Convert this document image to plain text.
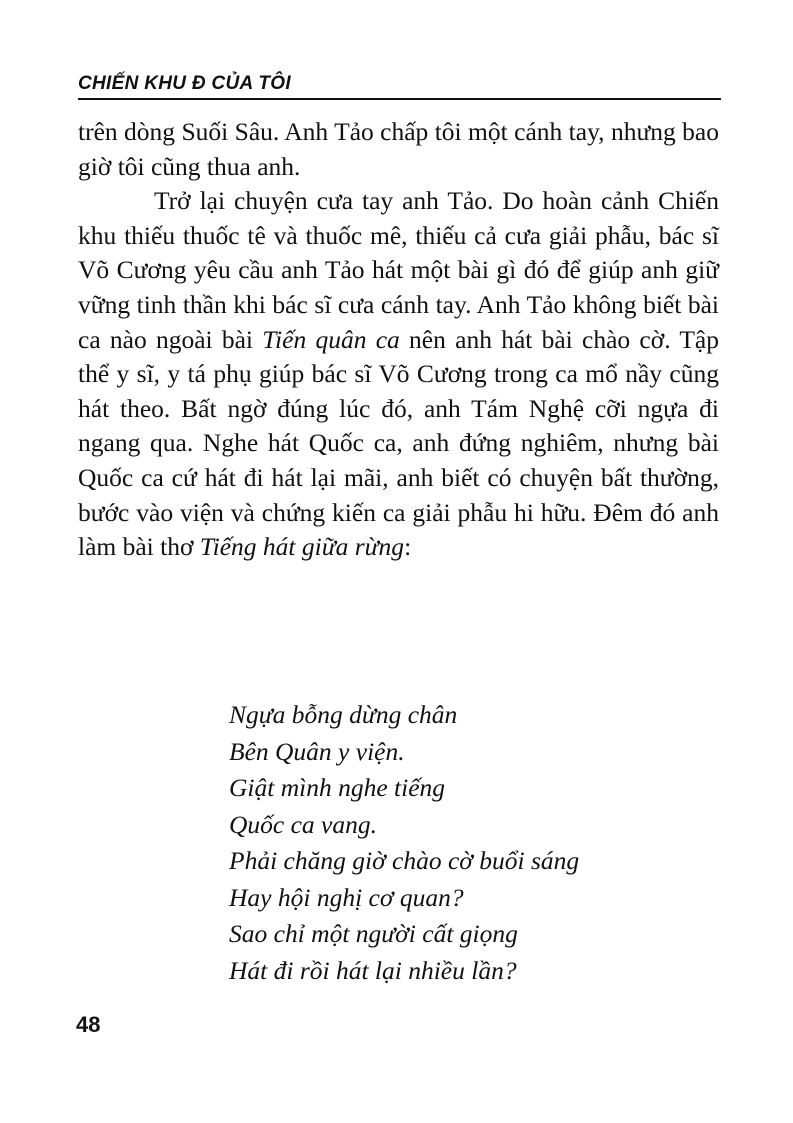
CHIẾN KHU Đ CỦA TÔI

trên dòng Suối Sâu. Anh Tảo chấp tôi một cánh tay, nhưng bao giờ tôi cũng thua anh.

Trở lại chuyện cưa tay anh Tảo. Do hoàn cảnh Chiến khu thiếu thuốc tê và thuốc mê, thiếu cả cưa giải phẫu, bác sĩ Võ Cương yêu cầu anh Tảo hát một bài gì đó để giúp anh giữ vững tinh thần khi bác sĩ cưa cánh tay. Anh Tảo không biết bài ca nào ngoài bài Tiến quân ca nên anh hát bài chào cờ. Tập thể y sĩ, y tá phụ giúp bác sĩ Võ Cương trong ca mổ nầy cũng hát theo. Bất ngờ đúng lúc đó, anh Tám Nghệ cỡi ngựa đi ngang qua. Nghe hát Quốc ca, anh đứng nghiêm, nhưng bài Quốc ca cứ hát đi hát lại mãi, anh biết có chuyện bất thường, bước vào viện và chứng kiến ca giải phẫu hi hữu. Đêm đó anh làm bài thơ Tiếng hát giữa rừng:

Ngựa bỗng dừng chân
Bên Quân y viện.
Giật mình nghe tiếng
Quốc ca vang.
Phải chăng giờ chào cờ buổi sáng
Hay hội nghị cơ quan?
Sao chỉ một người cất giọng
Hát đi rồi hát lại nhiều lần?
48
